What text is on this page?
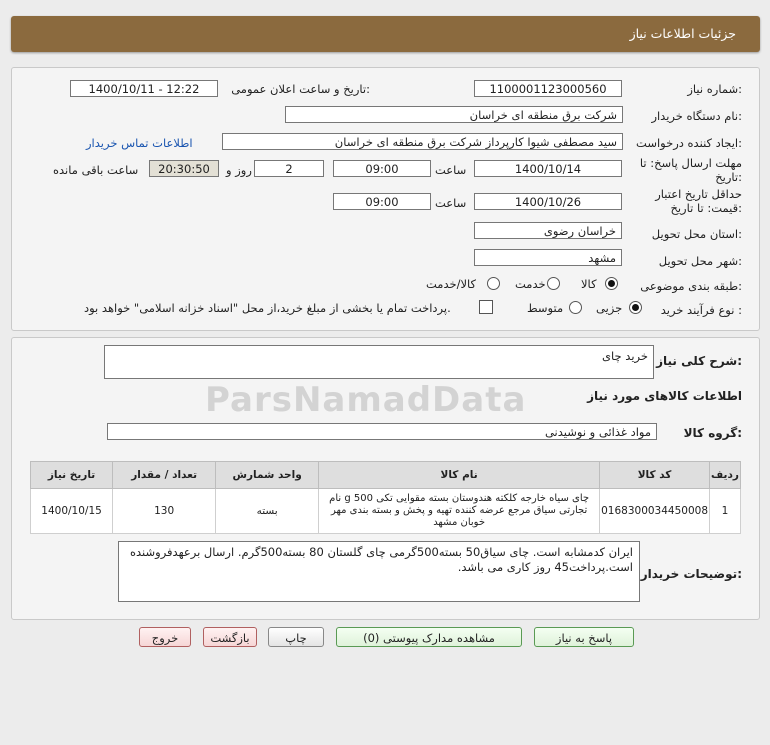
جزئیات اطلاعات نیاز
شماره نیاز:
1100001123000560
تاریخ و ساعت اعلان عمومی:
1400/10/11 - 12:22
نام دستگاه خریدار:
شرکت برق منطقه ای خراسان
ایجاد کننده درخواست:
سید مصطفی شیوا کارپرداز شرکت برق منطقه ای خراسان
اطلاعات تماس خریدار
مهلت ارسال پاسخ: تا تاریخ:
1400/10/14
ساعت
09:00
2
روز و
20:30:50
ساعت باقی مانده
حداقل تاریخ اعتبار قیمت: تا تاریخ:
1400/10/26
ساعت
09:00
استان محل تحویل:
خراسان رضوی
شهر محل تحویل:
مشهد
طبقه بندی موضوعی:
کالا
خدمت
کالا/خدمت
نوع فرآیند خرید :
جزیی
متوسط
پرداخت تمام یا بخشی از مبلغ خرید،از محل "اسناد خزانه اسلامی" خواهد بود.
ParsNamadData
شرح کلی نیاز:
خرید چای
اطلاعات کالاهای مورد نیاز
گروه کالا:
مواد غذائی و نوشیدنی
ردیف	کد کالا	نام کالا	واحد شمارش	تعداد / مقدار	تاریخ نیاز
1	0168300034450008	چای سیاه خارجه کلکته هندوستان بسته مقوایی تکی 500 g نام تجارتی سیاق مرجع عرضه کننده تهیه و پخش و بسته بندی مهر خوبان مشهد	بسته	130	1400/10/15
توضیحات خریدار:
ایران کدمشابه است. چای سیاق50 بسته500گرمی چای گلستان 80 بسته500گرم. ارسال برعهدفروشنده است.پرداخت45 روز کاری می باشد.
پاسخ به نیاز
مشاهده مدارک پیوستی (0)
چاپ
بازگشت
خروج
